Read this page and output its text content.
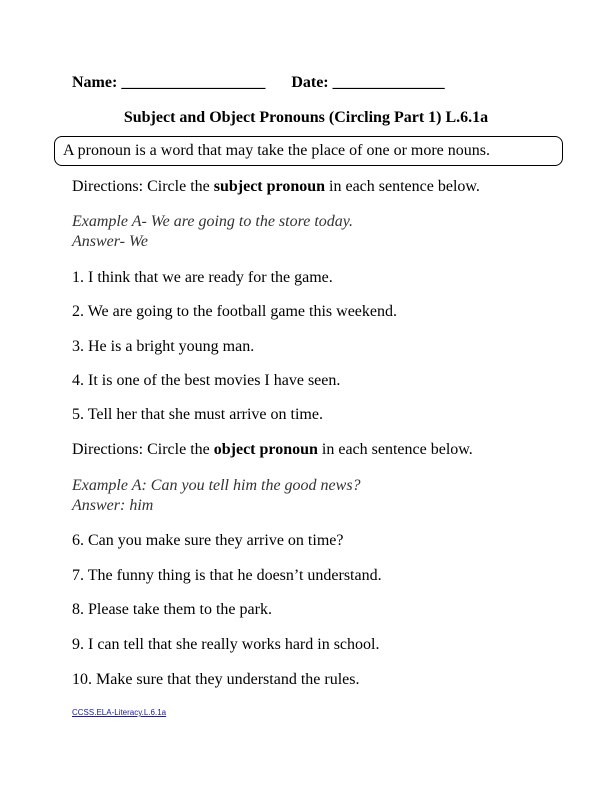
Name: __________________ Date: ______________
Subject and Object Pronouns (Circling Part 1) L.6.1a
A pronoun is a word that may take the place of one or more nouns.
Directions: Circle the subject pronoun in each sentence below.
Example A- We are going to the store today.
Answer- We
1. I think that we are ready for the game.
2. We are going to the football game this weekend.
3. He is a bright young man.
4. It is one of the best movies I have seen.
5. Tell her that she must arrive on time.
Directions: Circle the object pronoun in each sentence below.
Example A: Can you tell him the good news?
Answer: him
6. Can you make sure they arrive on time?
7. The funny thing is that he doesn’t understand.
8. Please take them to the park.
9. I can tell that she really works hard in school.
10. Make sure that they understand the rules.
CCSS.ELA-Literacy.L.6.1a
